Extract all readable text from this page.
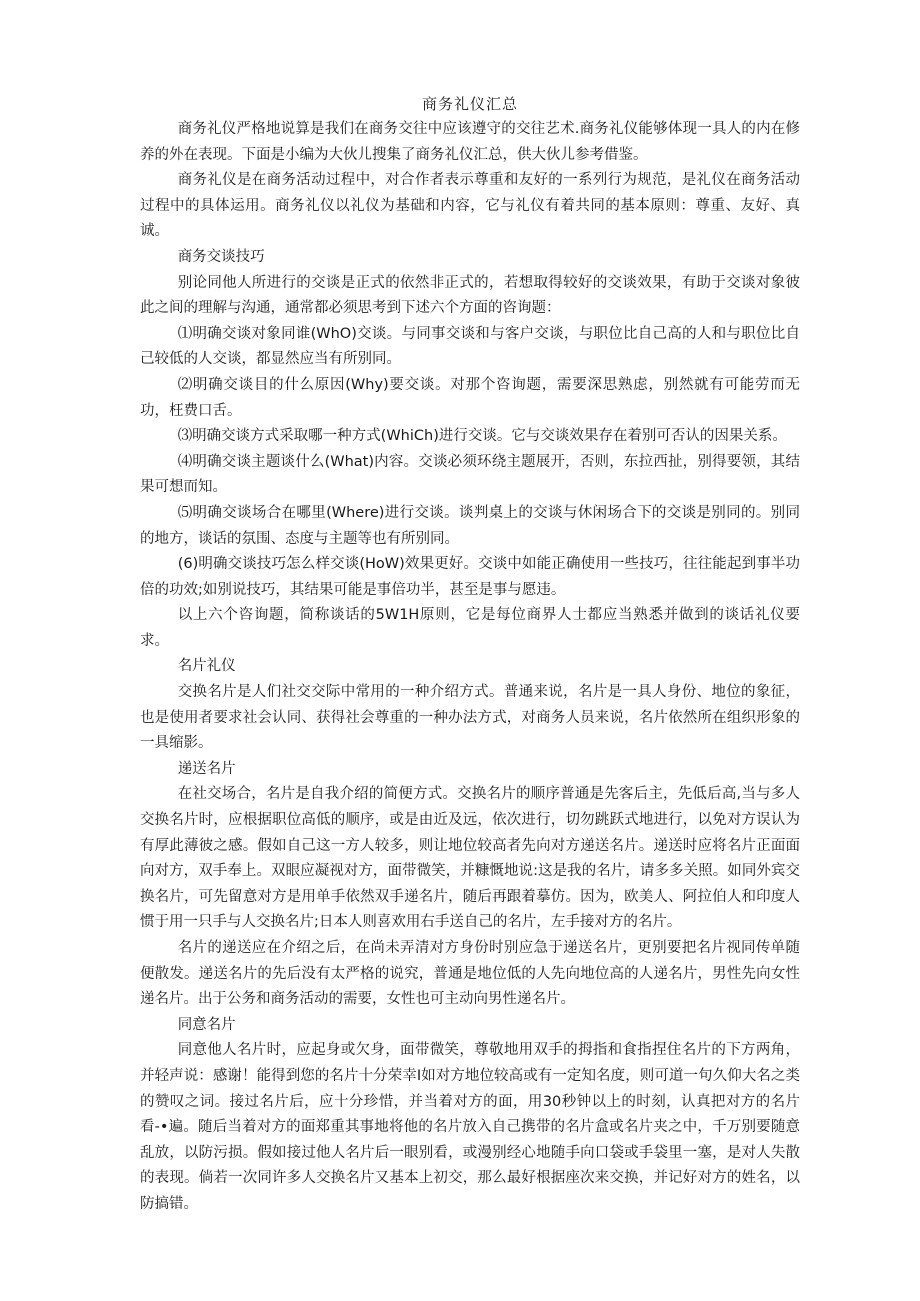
商务礼仪汇总

商务礼仪严格地说算是我们在商务交往中应该遵守的交往艺术.商务礼仪能够体现一具人的内在修养的外在表现。下面是小编为大伙儿搜集了商务礼仪汇总，供大伙儿参考借鉴。

商务礼仪是在商务活动过程中，对合作者表示尊重和友好的一系列行为规范，是礼仪在商务活动过程中的具体运用。商务礼仪以礼仪为基础和内容，它与礼仪有着共同的基本原则：尊重、友好、真诚。

商务交谈技巧

别论同他人所进行的交谈是正式的依然非正式的，若想取得较好的交谈效果，有助于交谈对象彼此之间的理解与沟通，通常都必须思考到下述六个方面的咨询题：

⑴明确交谈对象同谁(WhO)交谈。与同事交谈和与客户交谈，与职位比自己高的人和与职位比自己较低的人交谈，都显然应当有所别同。

⑵明确交谈目的什么原因(Why)要交谈。对那个咨询题，需要深思熟虑，别然就有可能劳而无功，枉费口舌。

⑶明确交谈方式采取哪一种方式(WhiCh)进行交谈。它与交谈效果存在着别可否认的因果关系。

⑷明确交谈主题谈什么(What)内容。交谈必须环绕主题展开，否则，东拉西扯，别得要领，其结果可想而知。

⑸明确交谈场合在哪里(Where)进行交谈。谈判桌上的交谈与休闲场合下的交谈是别同的。别同的地方，谈话的氛围、态度与主题等也有所别同。

(6)明确交谈技巧怎么样交谈(HoW)效果更好。交谈中如能正确使用一些技巧，往往能起到事半功倍的功效;如别说技巧，其结果可能是事倍功半，甚至是事与愿违。

以上六个咨询题，简称谈话的5W1H原则，它是每位商界人士都应当熟悉并做到的谈话礼仪要求。

名片礼仪

交换名片是人们社交交际中常用的一种介绍方式。普通来说，名片是一具人身份、地位的象征，也是使用者要求社会认同、获得社会尊重的一种办法方式，对商务人员来说，名片依然所在组织形象的一具缩影。

递送名片

在社交场合，名片是自我介绍的简便方式。交换名片的顺序普通是先客后主，先低后高,当与多人交换名片时，应根据职位高低的顺序，或是由近及远，依次进行，切勿跳跃式地进行，以免对方误认为有厚此薄彼之感。假如自己这一方人较多，则让地位较高者先向对方递送名片。递送时应将名片正面面向对方，双手奉上。双眼应凝视对方，面带微笑，并糠慨地说:这是我的名片，请多多关照。如同外宾交换名片，可先留意对方是用单手依然双手递名片，随后再跟着摹仿。因为，欧美人、阿拉伯人和印度人惯于用一只手与人交换名片;日本人则喜欢用右手送自己的名片，左手接对方的名片。

名片的递送应在介绍之后，在尚未弄清对方身份时别应急于递送名片，更别要把名片视同传单随便散发。递送名片的先后没有太严格的说究，普通是地位低的人先向地位高的人递名片，男性先向女性递名片。出于公务和商务活动的需要，女性也可主动向男性递名片。

同意名片

同意他人名片时，应起身或欠身，面带微笑，尊敬地用双手的拇指和食指捏住名片的下方两角，并轻声说：感谢！能得到您的名片十分荣幸I如对方地位较高或有一定知名度，则可道一句久仰大名之类的赞叹之词。接过名片后，应十分珍惜，并当着对方的面，用30秒钟以上的时刻，认真把对方的名片看-•遍。随后当着对方的面郑重其事地将他的名片放入自己携带的名片盒或名片夹之中，千万别要随意乱放，以防污损。假如接过他人名片后一眼别看，或漫别经心地随手向口袋或手袋里一塞，是对人失散的表现。倘若一次同许多人交换名片又基本上初交，那么最好根据座次来交换，并记好对方的姓名，以防搞错。
